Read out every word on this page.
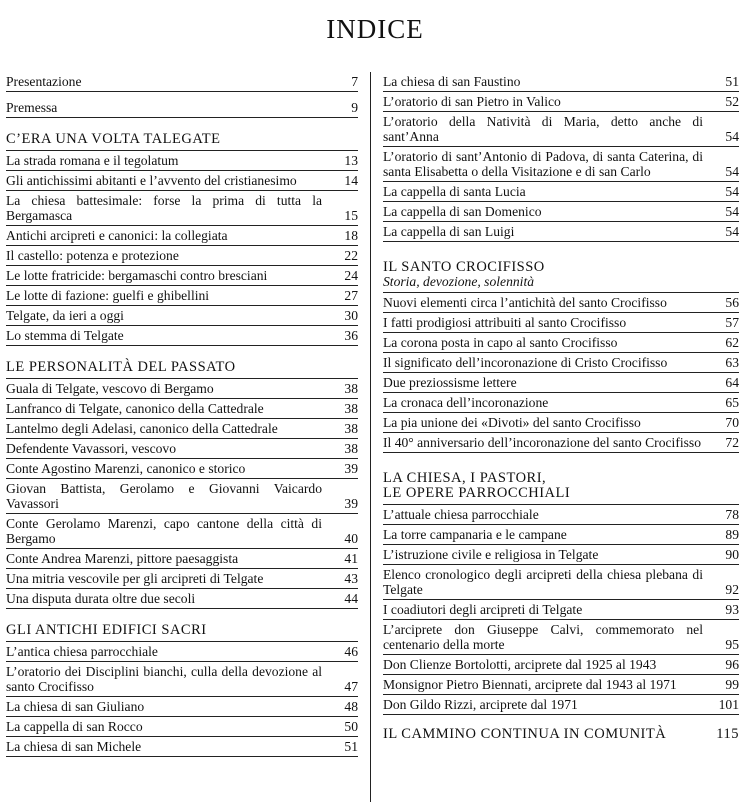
INDICE
Presentazione	7
Premessa	9
C’ERA UNA VOLTA TALEGATE
La strada romana e il tegolatum	13
Gli antichissimi abitanti e l’avvento del cristianesimo	14
La chiesa battesimale: forse la prima di tutta la Bergamasca	15
Antichi arcipreti e canonici: la collegiata	18
Il castello: potenza e protezione	22
Le lotte fratricide: bergamaschi contro bresciani	24
Le lotte di fazione: guelfi e ghibellini	27
Telgate, da ieri a oggi	30
Lo stemma di Telgate	36
LE PERSONALITÀ DEL PASSATO
Guala di Telgate, vescovo di Bergamo	38
Lanfranco di Telgate, canonico della Cattedrale	38
Lantelmo degli Adelasi, canonico della Cattedrale	38
Defendente Vavassori, vescovo	38
Conte Agostino Marenzi, canonico e storico	39
Giovan Battista, Gerolamo e Giovanni Vaicardo Vavassori	39
Conte Gerolamo Marenzi, capo cantone della città di Bergamo	40
Conte Andrea Marenzi, pittore paesaggista	41
Una mitria vescovile per gli arcipreti di Telgate	43
Una disputa durata oltre due secoli	44
GLI ANTICHI EDIFICI SACRI
L’antica chiesa parrocchiale	46
L’oratorio dei Disciplini bianchi, culla della devozione al santo Crocifisso	47
La chiesa di san Giuliano	48
La cappella di san Rocco	50
La chiesa di san Michele	51
La chiesa di san Faustino	51
L’oratorio di san Pietro in Valico	52
L’oratorio della Natività di Maria, detto anche di sant’Anna	54
L’oratorio di sant’Antonio di Padova, di santa Caterina, di santa Elisabetta o della Visitazione e di san Carlo	54
La cappella di santa Lucia	54
La cappella di san Domenico	54
La cappella di san Luigi	54
IL SANTO CROCIFISSO
Storia, devozione, solennità
Nuovi elementi circa l’antichità del santo Crocifisso	56
I fatti prodigiosi attribuiti al santo Crocifisso	57
La corona posta in capo al santo Crocifisso	62
Il significato dell’incoronazione di Cristo Crocifisso	63
Due preziossisme lettere	64
La cronaca dell’incoronazione	65
La pia unione dei «Divoti» del santo Crocifisso	70
Il 40° anniversario dell’incoronazione del santo Crocifisso	72
LA CHIESA, I PASTORI,
LE OPERE PARROCCHIALI
L’attuale chiesa parrocchiale	78
La torre campanaria e le campane	89
L’istruzione civile e religiosa in Telgate	90
Elenco cronologico degli arcipreti della chiesa plebana di Telgate	92
I coadiutori degli arcipreti di Telgate	93
L’arciprete don Giuseppe Calvi, commemorato nel centenario della morte	95
Don Clienze Bortolotti, arciprete dal 1925 al 1943	96
Monsignor Pietro Biennati, arciprete dal 1943 al 1971	99
Don Gildo Rizzi, arciprete dal 1971	101
IL CAMMINO CONTINUA IN COMUNITÀ	115
